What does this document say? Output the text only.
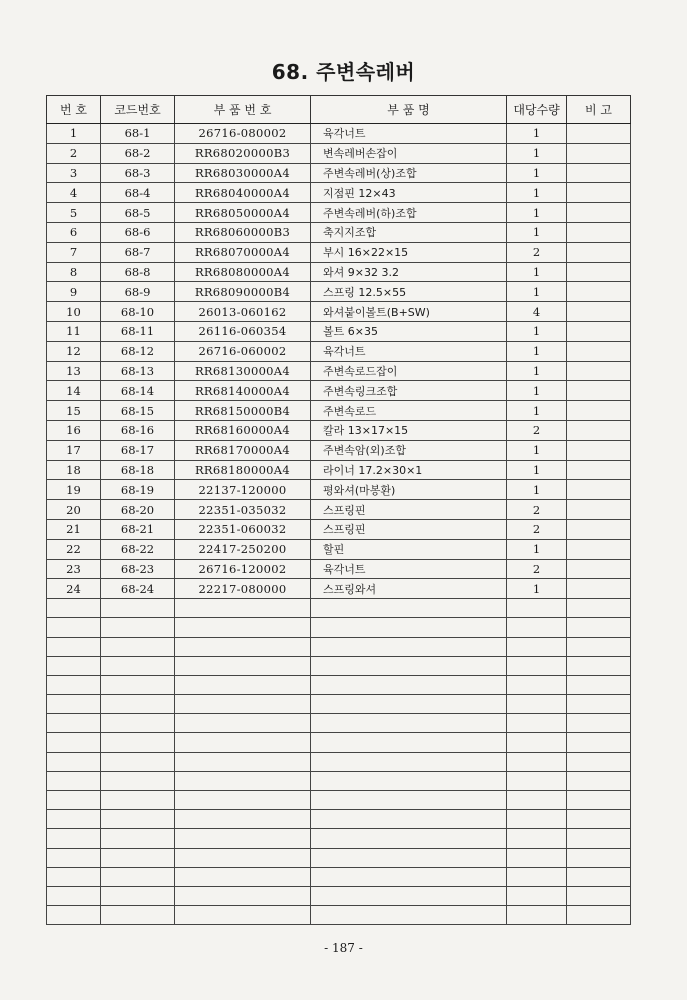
68. 주변속레버
번 호	코드번호	부 품 번 호	부 품 명	대당수량	비 고
1	68-1	26716-080002	육각너트	1	
2	68-2	RR68020000B3	변속레버손잡이	1	
3	68-3	RR68030000A4	주변속레버(상)조합	1	
4	68-4	RR68040000A4	지점핀 12×43	1	
5	68-5	RR68050000A4	주변속레버(하)조합	1	
6	68-6	RR68060000B3	축지지조합	1	
7	68-7	RR68070000A4	부시 16×22×15	2	
8	68-8	RR68080000A4	와셔 9×32 3.2	1	
9	68-9	RR68090000B4	스프링 12.5×55	1	
10	68-10	26013-060162	와셔붙이볼트(B+SW)	4	
11	68-11	26116-060354	볼트 6×35	1	
12	68-12	26716-060002	육각너트	1	
13	68-13	RR68130000A4	주변속로드잡이	1	
14	68-14	RR68140000A4	주변속링크조합	1	
15	68-15	RR68150000B4	주변속로드	1	
16	68-16	RR68160000A4	칼라 13×17×15	2	
17	68-17	RR68170000A4	주변속암(외)조합	1	
18	68-18	RR68180000A4	라이너 17.2×30×1	1	
19	68-19	22137-120000	평와셔(마봉환)	1	
20	68-20	22351-035032	스프링핀	2	
21	68-21	22351-060032	스프링핀	2	
22	68-22	22417-250200	할핀	1	
23	68-23	26716-120002	육각너트	2	
24	68-24	22217-080000	스프링와셔	1	

- 187 -
